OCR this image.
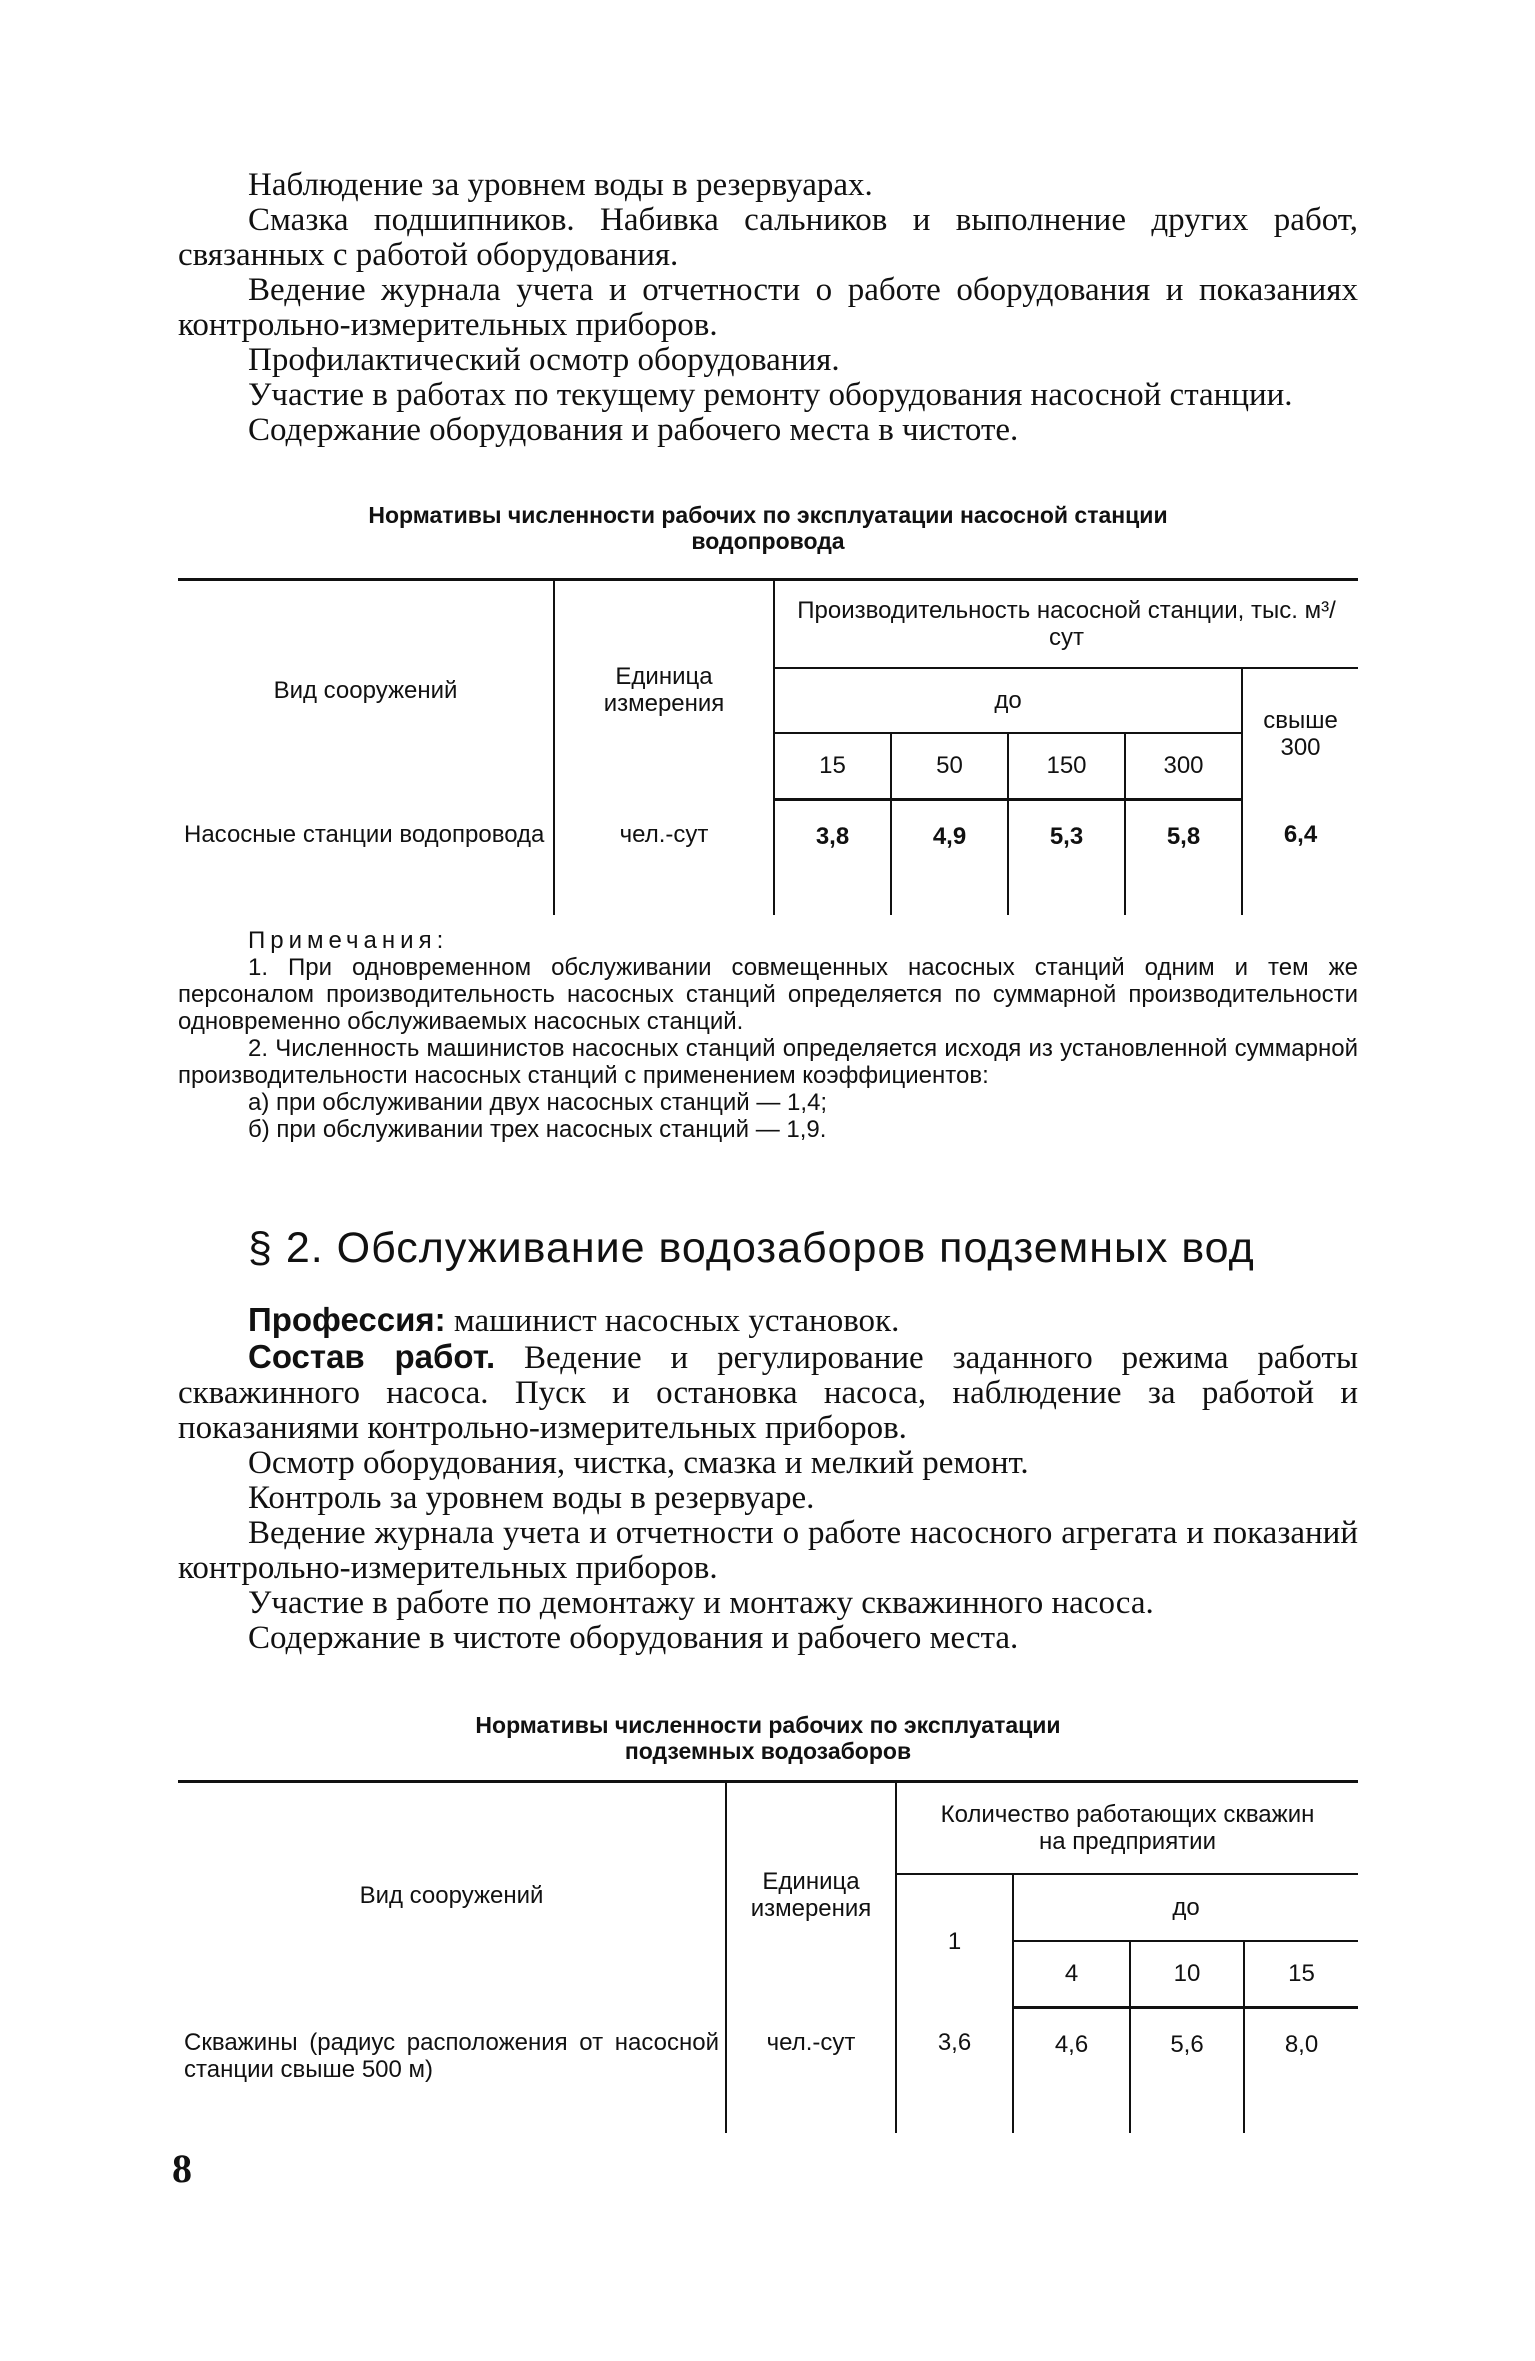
Наблюдение за уровнем воды в резервуарах.

Смазка подшипников. Набивка сальников и выполнение других работ, связанных с работой оборудования.

Ведение журнала учета и отчетности о работе оборудования и показаниях контрольно-измерительных приборов.

Профилактический осмотр оборудования.

Участие в работах по текущему ремонту оборудования насосной станции.

Содержание оборудования и рабочего места в чистоте.

Нормативы численности рабочих по эксплуатации насосной станции

водопровода

Вид сооружений	Единица измерения	Производительность насосной станции, тыс. м³/сут				
		до				свыше 300
		15	50	150	300	
Насосные станции водопровода	чел.-сут	3,8	4,9	5,3	5,8	6,4

Примечания:

1. При одновременном обслуживании совмещенных насосных станций одним и тем же персоналом производительность насосных станций определяется по суммарной производительности одновременно обслуживаемых насосных станций.

2. Численность машинистов насосных станций определяется исходя из установленной суммарной производительности насосных станций с применением коэффициентов:

а) при обслуживании двух насосных станций — 1,4;

б) при обслуживании трех насосных станций — 1,9.

§ 2. Обслуживание водозаборов подземных вод

Профессия: машинист насосных установок.

Состав работ. Ведение и регулирование заданного режима работы скважинного насоса. Пуск и остановка насоса, наблюдение за работой и показаниями контрольно-измерительных приборов.

Осмотр оборудования, чистка, смазка и мелкий ремонт.

Контроль за уровнем воды в резервуаре.

Ведение журнала учета и отчетности о работе насосного агрегата и показаний контрольно-измерительных приборов.

Участие в работе по демонтажу и монтажу скважинного насоса.

Содержание в чистоте оборудования и рабочего места.

Нормативы численности рабочих по эксплуатации

подземных водозаборов

Вид сооружений	Единица измерения	Количество работающих скважин на предприятии			
		1	до		
			4	10	15
Скважины (радиус расположения от насосной станции свыше 500 м)	чел.-сут	3,6	4,6	5,6	8,0
8
